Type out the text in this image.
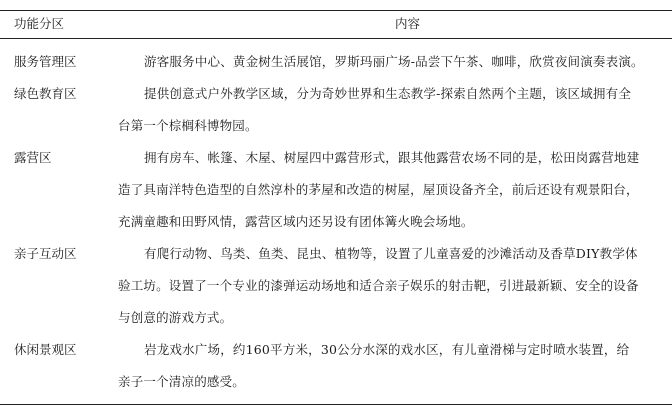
功能分区	内容
服务管理区	游客服务中心、黄金树生活展馆，罗斯玛丽广场-品尝下午茶、咖啡，欣赏夜间演奏表演。
绿色教育区	提供创意式户外教学区域，分为奇妙世界和生态教学-探索自然两个主题，该区域拥有全
台第一个棕榈科博物园。
露营区	拥有房车、帐篷、木屋、树屋四中露营形式，跟其他露营农场不同的是，松田岗露营地建
造了具南洋特色造型的自然淳朴的茅屋和改造的树屋，屋顶设备齐全，前后还设有观景阳台，
充满童趣和田野风情，露营区域内还另设有团体篝火晚会场地。
亲子互动区	有爬行动物、鸟类、鱼类、昆虫、植物等，设置了儿童喜爱的沙滩活动及香草DIY教学体
验工坊。设置了一个专业的漆弹运动场地和适合亲子娱乐的射击靶，引进最新颖、安全的设备
与创意的游戏方式。
休闲景观区	岩龙戏水广场，约160平方米，30公分水深的戏水区，有儿童滑梯与定时喷水装置，给
亲子一个清凉的感受。
